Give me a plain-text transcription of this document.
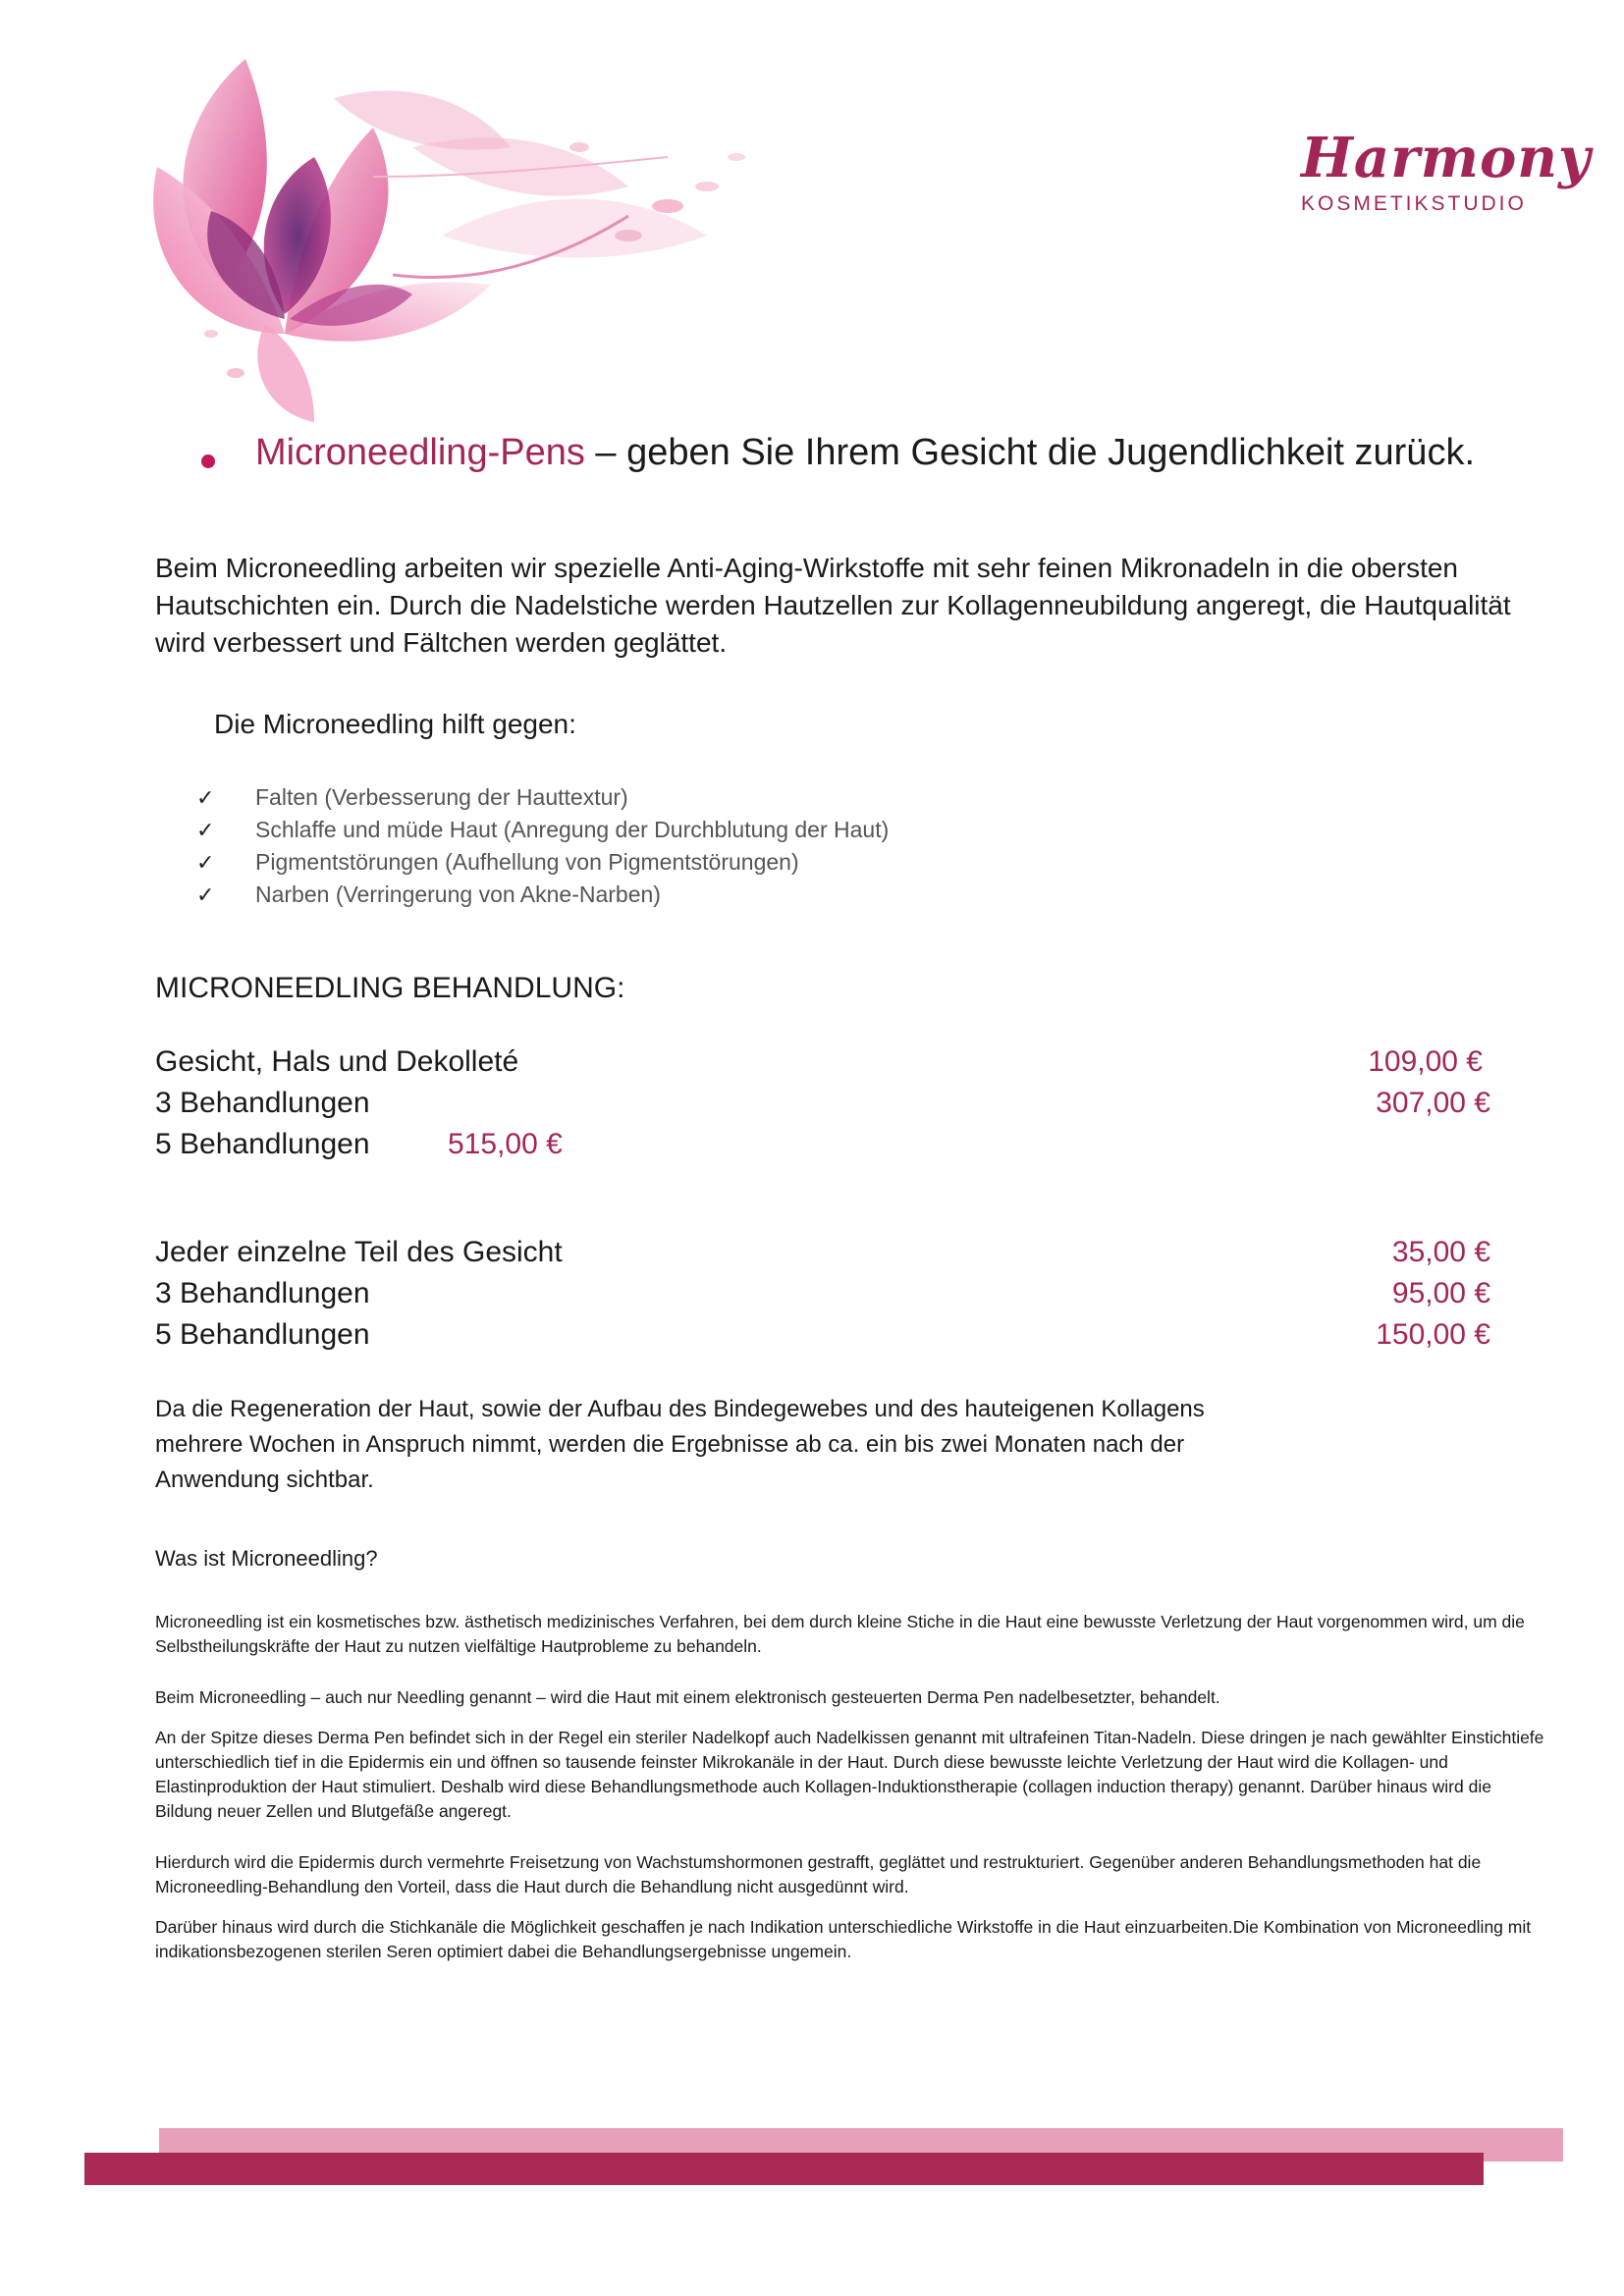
Harmony
KOSMETIKSTUDIO
Microneedling-Pens – geben Sie Ihrem Gesicht die Jugendlichkeit zurück.
Beim Microneedling arbeiten wir spezielle Anti-Aging-Wirkstoffe mit sehr feinen Mikronadeln in die obersten Hautschichten ein. Durch die Nadelstiche werden Hautzellen zur Kollagenneubildung angeregt, die Hautqualität wird verbessert und Fältchen werden geglättet.
Die Microneedling hilft gegen:
✓ Falten (Verbesserung der Hauttextur)
✓ Schlaffe und müde Haut (Anregung der Durchblutung der Haut)
✓ Pigmentstörungen (Aufhellung von Pigmentstörungen)
✓ Narben (Verringerung von Akne-Narben)
MICRONEEDLING BEHANDLUNG:
Gesicht, Hals und Dekolleté	109,00 €
3 Behandlungen	307,00 €
5 Behandlungen	515,00 €
Jeder einzelne Teil des Gesicht	35,00 €
3 Behandlungen	95,00 €
5 Behandlungen	150,00 €
Da die Regeneration der Haut, sowie der Aufbau des Bindegewebes und des hauteigenen Kollagens mehrere Wochen in Anspruch nimmt, werden die Ergebnisse ab ca. ein bis zwei Monaten nach der Anwendung sichtbar.
Was ist Microneedling?
Microneedling ist ein kosmetisches bzw. ästhetisch medizinisches Verfahren, bei dem durch kleine Stiche in die Haut eine bewusste Verletzung der Haut vorgenommen wird, um die Selbstheilungskräfte der Haut zu nutzen vielfältige Hautprobleme zu behandeln.
Beim Microneedling – auch nur Needling genannt – wird die Haut mit einem elektronisch gesteuerten Derma Pen nadelbesetzter, behandelt.
An der Spitze dieses Derma Pen befindet sich in der Regel ein steriler Nadelkopf auch Nadelkissen genannt mit ultrafeinen Titan-Nadeln. Diese dringen je nach gewählter Einstichtiefe unterschiedlich tief in die Epidermis ein und öffnen so tausende feinster Mikrokanäle in der Haut. Durch diese bewusste leichte Verletzung der Haut wird die Kollagen- und Elastinproduktion der Haut stimuliert. Deshalb wird diese Behandlungsmethode auch Kollagen-Induktionstherapie (collagen induction therapy) genannt. Darüber hinaus wird die Bildung neuer Zellen und Blutgefäße angeregt.
Hierdurch wird die Epidermis durch vermehrte Freisetzung von Wachstumshormonen gestrafft, geglättet und restrukturiert. Gegenüber anderen Behandlungsmethoden hat die Microneedling-Behandlung den Vorteil, dass die Haut durch die Behandlung nicht ausgedünnt wird.
Darüber hinaus wird durch die Stichkanäle die Möglichkeit geschaffen je nach Indikation unterschiedliche Wirkstoffe in die Haut einzuarbeiten.Die Kombination von Microneedling mit indikationsbezogenen sterilen Seren optimiert dabei die Behandlungsergebnisse ungemein.
